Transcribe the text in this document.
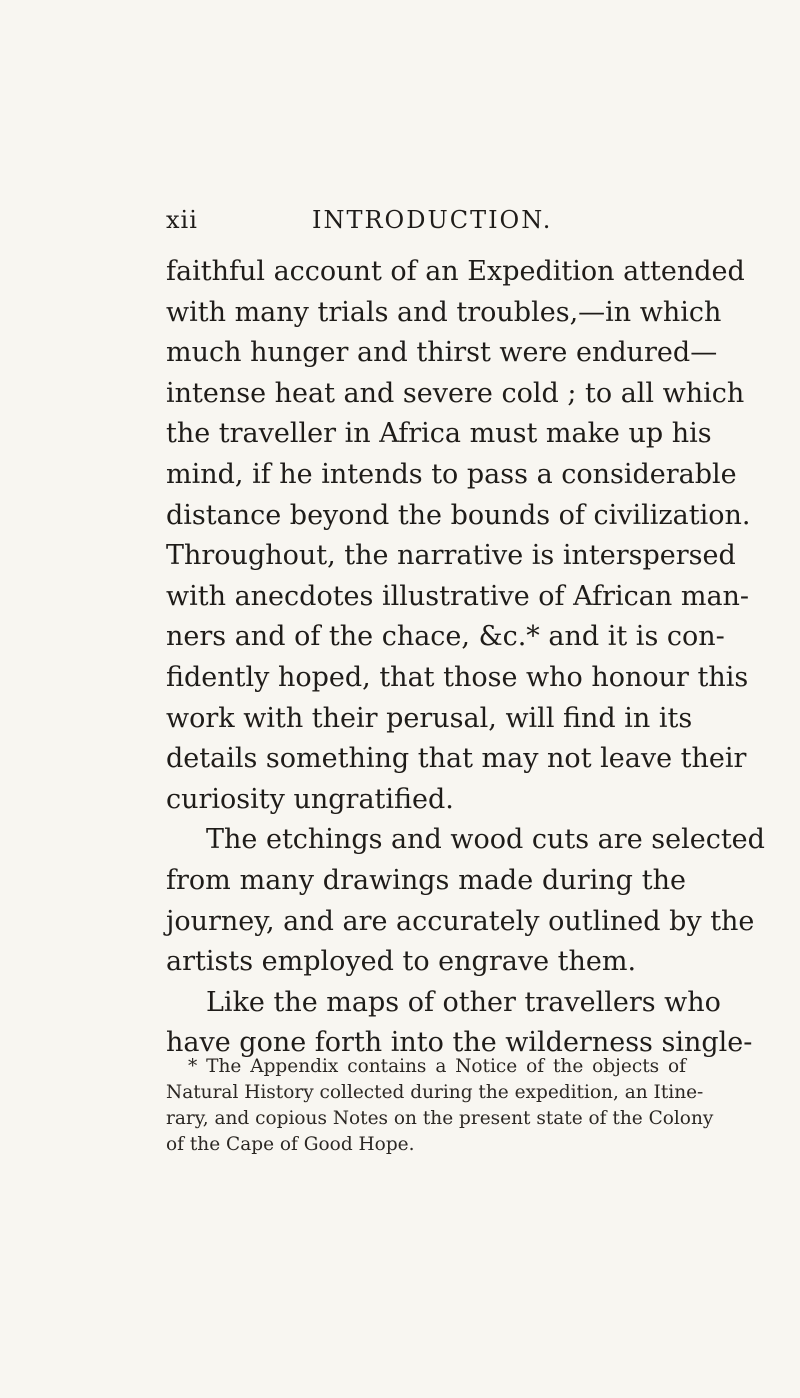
xii	INTRODUCTION.
faithful account of an Expedition attended
with many trials and troubles,—in which
much hunger and thirst were endured—
intense heat and severe cold ; to all which
the traveller in Africa must make up his
mind, if he intends to pass a considerable
distance beyond the bounds of civilization.
Throughout, the narrative is interspersed
with anecdotes illustrative of African man-
ners and of the chace, &c.* and it is con-
fidently hoped, that those who honour this
work with their perusal, will find in its
details something that may not leave their
curiosity ungratified.
The etchings and wood cuts are selected
from many drawings made during the
journey, and are accurately outlined by the
artists employed to engrave them.
Like the maps of other travellers who
have gone forth into the wilderness single-
* The Appendix contains a Notice of the objects of
Natural History collected during the expedition, an Itine-
rary, and copious Notes on the present state of the Colony
of the Cape of Good Hope.
